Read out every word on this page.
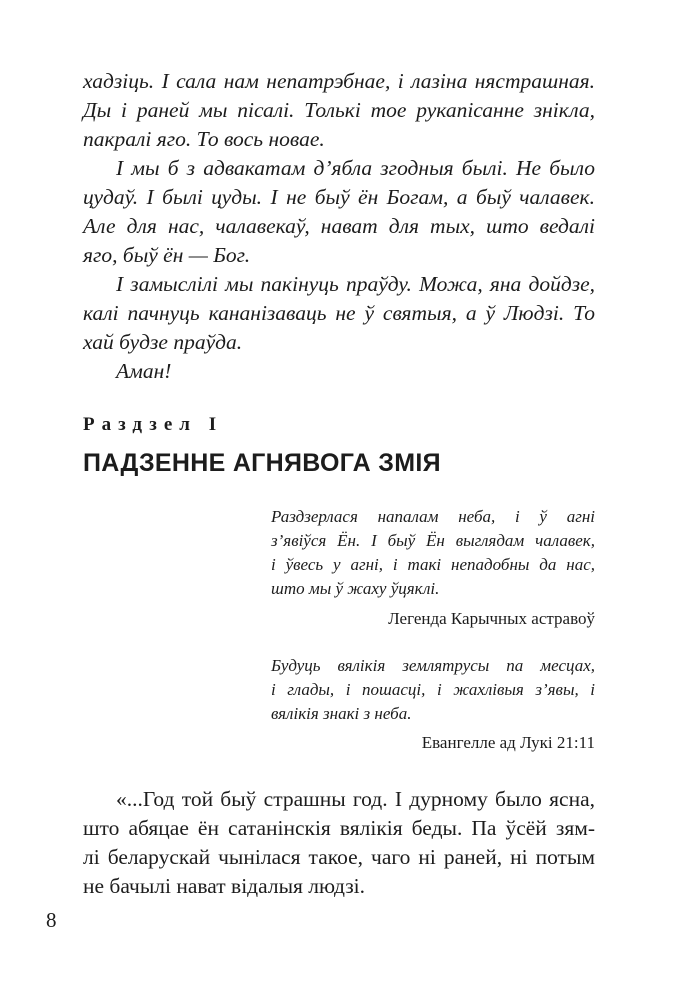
хадзіць. І сала нам непатрэбнае, і лазіна нястрашная.

Ды і раней мы пісалі. Толькі тое рукапісанне знікла,

пакралі яго. То вось новае.

І мы б з адвакатам д’ябла згодныя былі. Не было

цудаў. І былі цуды. І не быў ён Богам, а быў чалавек.

Але для нас, чалавекаў, нават для тых, што ведалі

яго, быў ён — Бог.

І замыслілі мы пакінуць праўду. Можа, яна дойдзе,

калі пачнуць кананізаваць не ў святыя, а ў Людзі. То

хай будзе праўда.

Аман!

Раздзел І

ПАДЗЕННЕ АГНЯВОГА ЗМІЯ

Раздзерлася напалам неба, і ў агні

з’явіўся Ён. І быў Ён выглядам чалавек,

і ўвесь у агні, і такі непадобны да нас,

што мы ў жаху ўцяклі.

Легенда Карычных астравоў

Будуць вялікія землятрусы па месцах,

і глады, і пошасці, і жахлівыя з’явы, і

вялікія знакі з неба.

Евангелле ад Лукі 21:11

«...Год той быў страшны год. І дурному было ясна,

што абяцае ён сатанінскія вялікія беды. Па ўсёй зям-

лі беларускай чынілася такое, чаго ні раней, ні потым

не бачылі нават відалыя людзі.

8
